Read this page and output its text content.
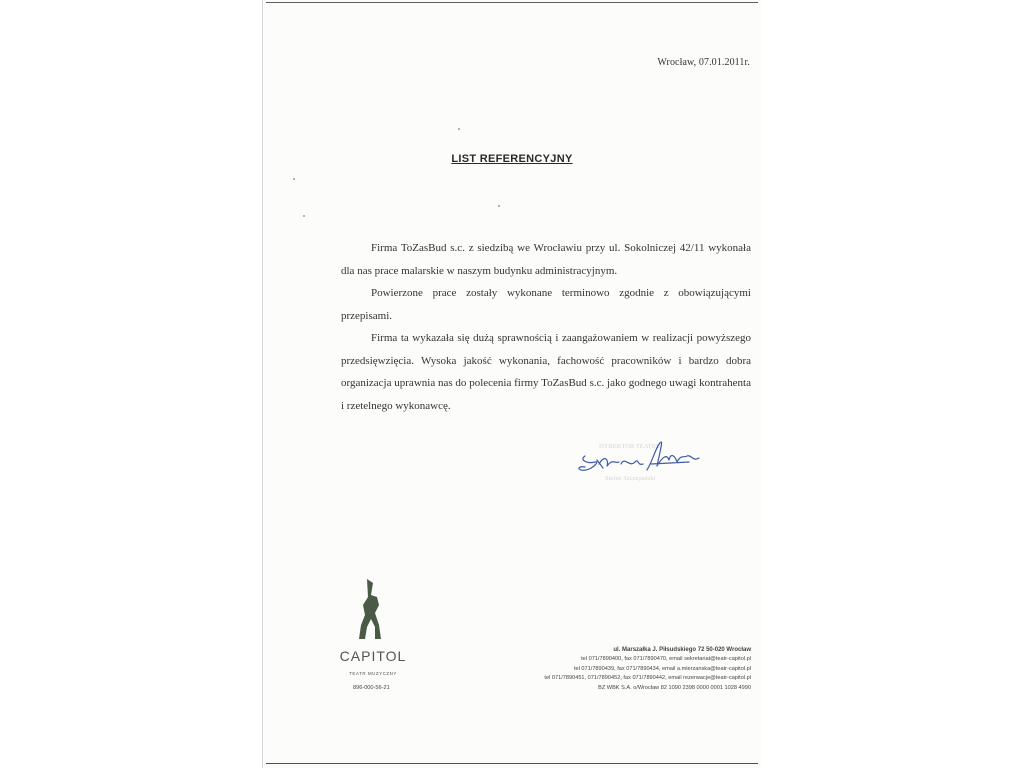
Wrocław, 07.01.2011r.
LIST REFERENCYJNY

Firma ToZasBud s.c. z siedzibą we Wrocławiu przy ul. Sokolniczej 42/11 wykonała dla nas prace malarskie w naszym budynku administracyjnym.

Powierzone prace zostały wykonane terminowo zgodnie z obowiązującymi przepisami.

Firma ta wykazała się dużą sprawnością i zaangażowaniem w realizacji powyższego przedsięwzięcia. Wysoka jakość wykonania, fachowość pracowników i bardzo dobra organizacja uprawnia nas do polecenia firmy ToZasBud s.c. jako godnego uwagi kontrahenta i rzetelnego wykonawcę.

DYREKTOR TEATRU
Stefan Szczepański
CAPITOL
TEATR MUZYCZNY
ul. Marszałka J. Piłsudskiego 72 50-020 Wrocław
tel 071/7890400, fax 071/7890470, email sekretariat@teatr-capitol.pl
tel 071/7890439, fax 071/7890434, email a.mierzanska@teatr-capitol.pl
tel 071/7890451, 071/7890452, fax 071/7890442, email rezerwacje@teatr-capitol.pl
896-000-56-21	BZ WBK S.A. o/Wrocław 82 1090 2398 0000 0001 1028 4990
